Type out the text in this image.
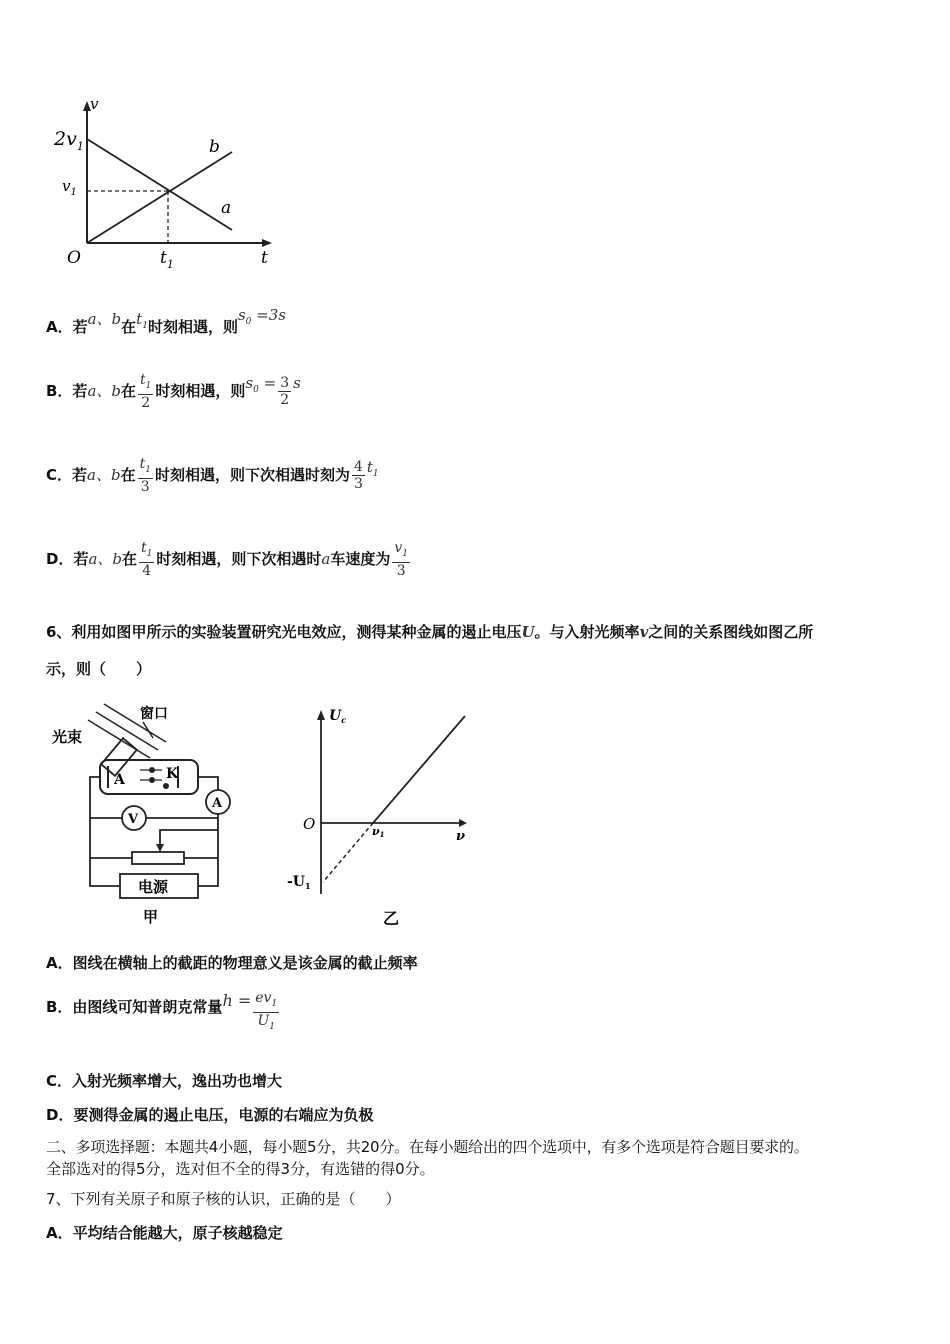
v
t
O
$2v_1$
$v_1$
$t_1$
b
a
A．若a、b在$t_1$时刻相遇，则$s_0 =3s$
B．若a、b在 $\frac{t_1}{2}$ 时刻相遇，则$s_0 = \frac{3}{2}$ s
C．若a、b在 $\frac{t_1}{3}$ 时刻相遇，则下次相遇时刻为 $\frac{4}{3} t_1$
D．若a、b在 $\frac{t_1}{4}$ 时刻相遇，则下次相遇时a车速度为 $\frac{v_1}{3}$
6、利用如图甲所示的实验装置研究光电效应，测得某种金属的遏止电压U。与入射光频率v之间的关系图线如图乙所
示，则（　　）
A	K
A
V
电源
窗口
光束
甲
$U_c$
ν
O	ν1
$-U_1$
乙
A．图线在横轴上的截距的物理意义是该金属的截止频率
B．由图线可知普朗克常量$h = \frac{ev_1}{U_1}$
C．入射光频率增大，逸出功也增大
D．要测得金属的遏止电压，电源的右端应为负极
二、多项选择题：本题共4小题，每小题5分，共20分。在每小题给出的四个选项中，有多个选项是符合题目要求的。
全部选对的得5分，选对但不全的得3分，有选错的得0分。
7、下列有关原子和原子核的认识，正确的是（　　）
A．平均结合能越大，原子核越稳定
